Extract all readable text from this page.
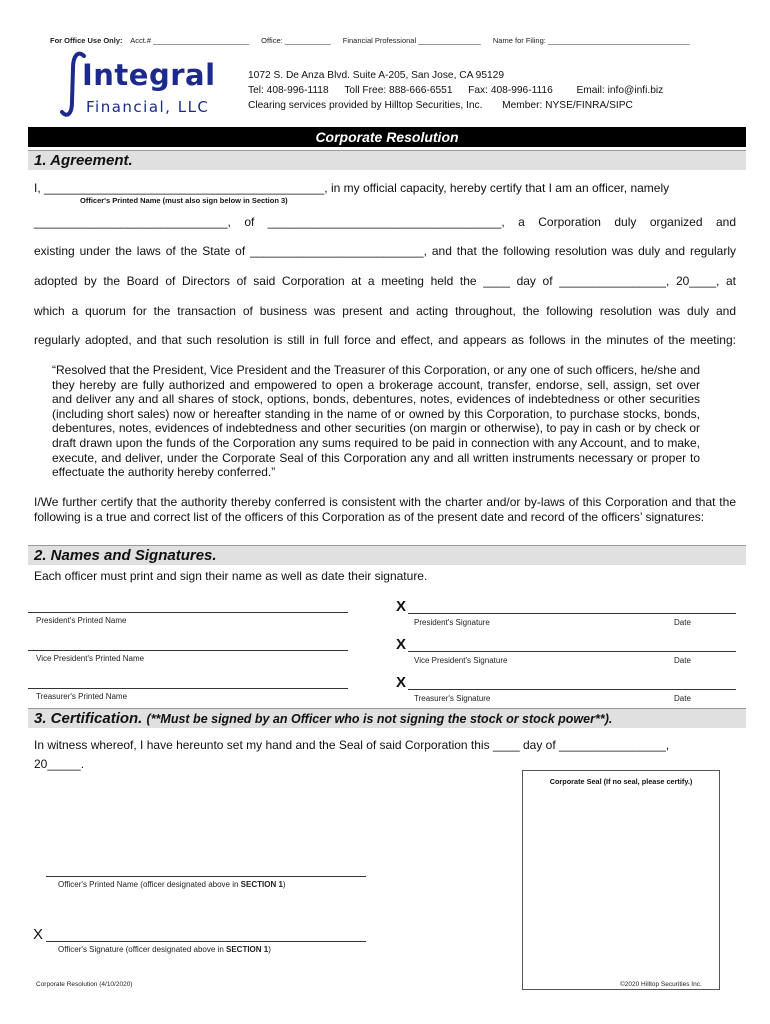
For Office Use Only: Acct.# _______________________ Office: ___________ Financial Professional _______________ Name for Filing: __________________________________
Integral
Financial, LLC
1072 S. De Anza Blvd. Suite A-205, San Jose, CA 95129
Tel: 408-996-1118 Toll Free: 888-666-6551 Fax: 408-996-1116 Email: info@infi.biz
Clearing services provided by Hilltop Securities, Inc. Member: NYSE/FINRA/SIPC
Corporate Resolution
1. Agreement.
I, __________________________________________, in my official capacity, hereby certify that I am an officer, namely
Officer's Printed Name (must also sign below in Section 3)
_____________________________, of ___________________________________, a Corporation duly organized and
existing under the laws of the State of __________________________, and that the following resolution was duly and regularly
adopted by the Board of Directors of said Corporation at a meeting held the ____ day of ________________, 20____, at
which a quorum for the transaction of business was present and acting throughout, the following resolution was duly and
regularly adopted, and that such resolution is still in full force and effect, and appears as follows in the minutes of the meeting:
“Resolved that the President, Vice President and the Treasurer of this Corporation, or any one of such officers, he/she and they hereby are fully authorized and empowered to open a brokerage account, transfer, endorse, sell, assign, set over and deliver any and all shares of stock, options, bonds, debentures, notes, evidences of indebtedness or other securities (including short sales) now or hereafter standing in the name of or owned by this Corporation, to purchase stocks, bonds, debentures, notes, evidences of indebtedness and other securities (on margin or otherwise), to pay in cash or by check or draft drawn upon the funds of the Corporation any sums required to be paid in connection with any Account, and to make, execute, and deliver, under the Corporate Seal of this Corporation any and all written instruments necessary or proper to effectuate the authority hereby conferred.”
I/We further certify that the authority thereby conferred is consistent with the charter and/or by-laws of this Corporation and that the following is a true and correct list of the officers of this Corporation as of the present date and record of the officers’ signatures:
2. Names and Signatures.
Each officer must print and sign their name as well as date their signature.
President's Printed Name
X
President's Signature	Date
Vice President's Printed Name
X
Vice President's Signature	Date
Treasurer's Printed Name
X
Treasurer's Signature	Date
3. Certification. (**Must be signed by an Officer who is not signing the stock or stock power**).
In witness whereof, I have hereunto set my hand and the Seal of said Corporation this ____ day of ________________,
20_____.
Corporate Seal (If no seal, please certify.)
Officer's Printed Name (officer designated above in SECTION 1)
X
Officer's Signature (officer designated above in SECTION 1)
Corporate Resolution (4/10/2020)	©2020 Hilltop Securities Inc.
